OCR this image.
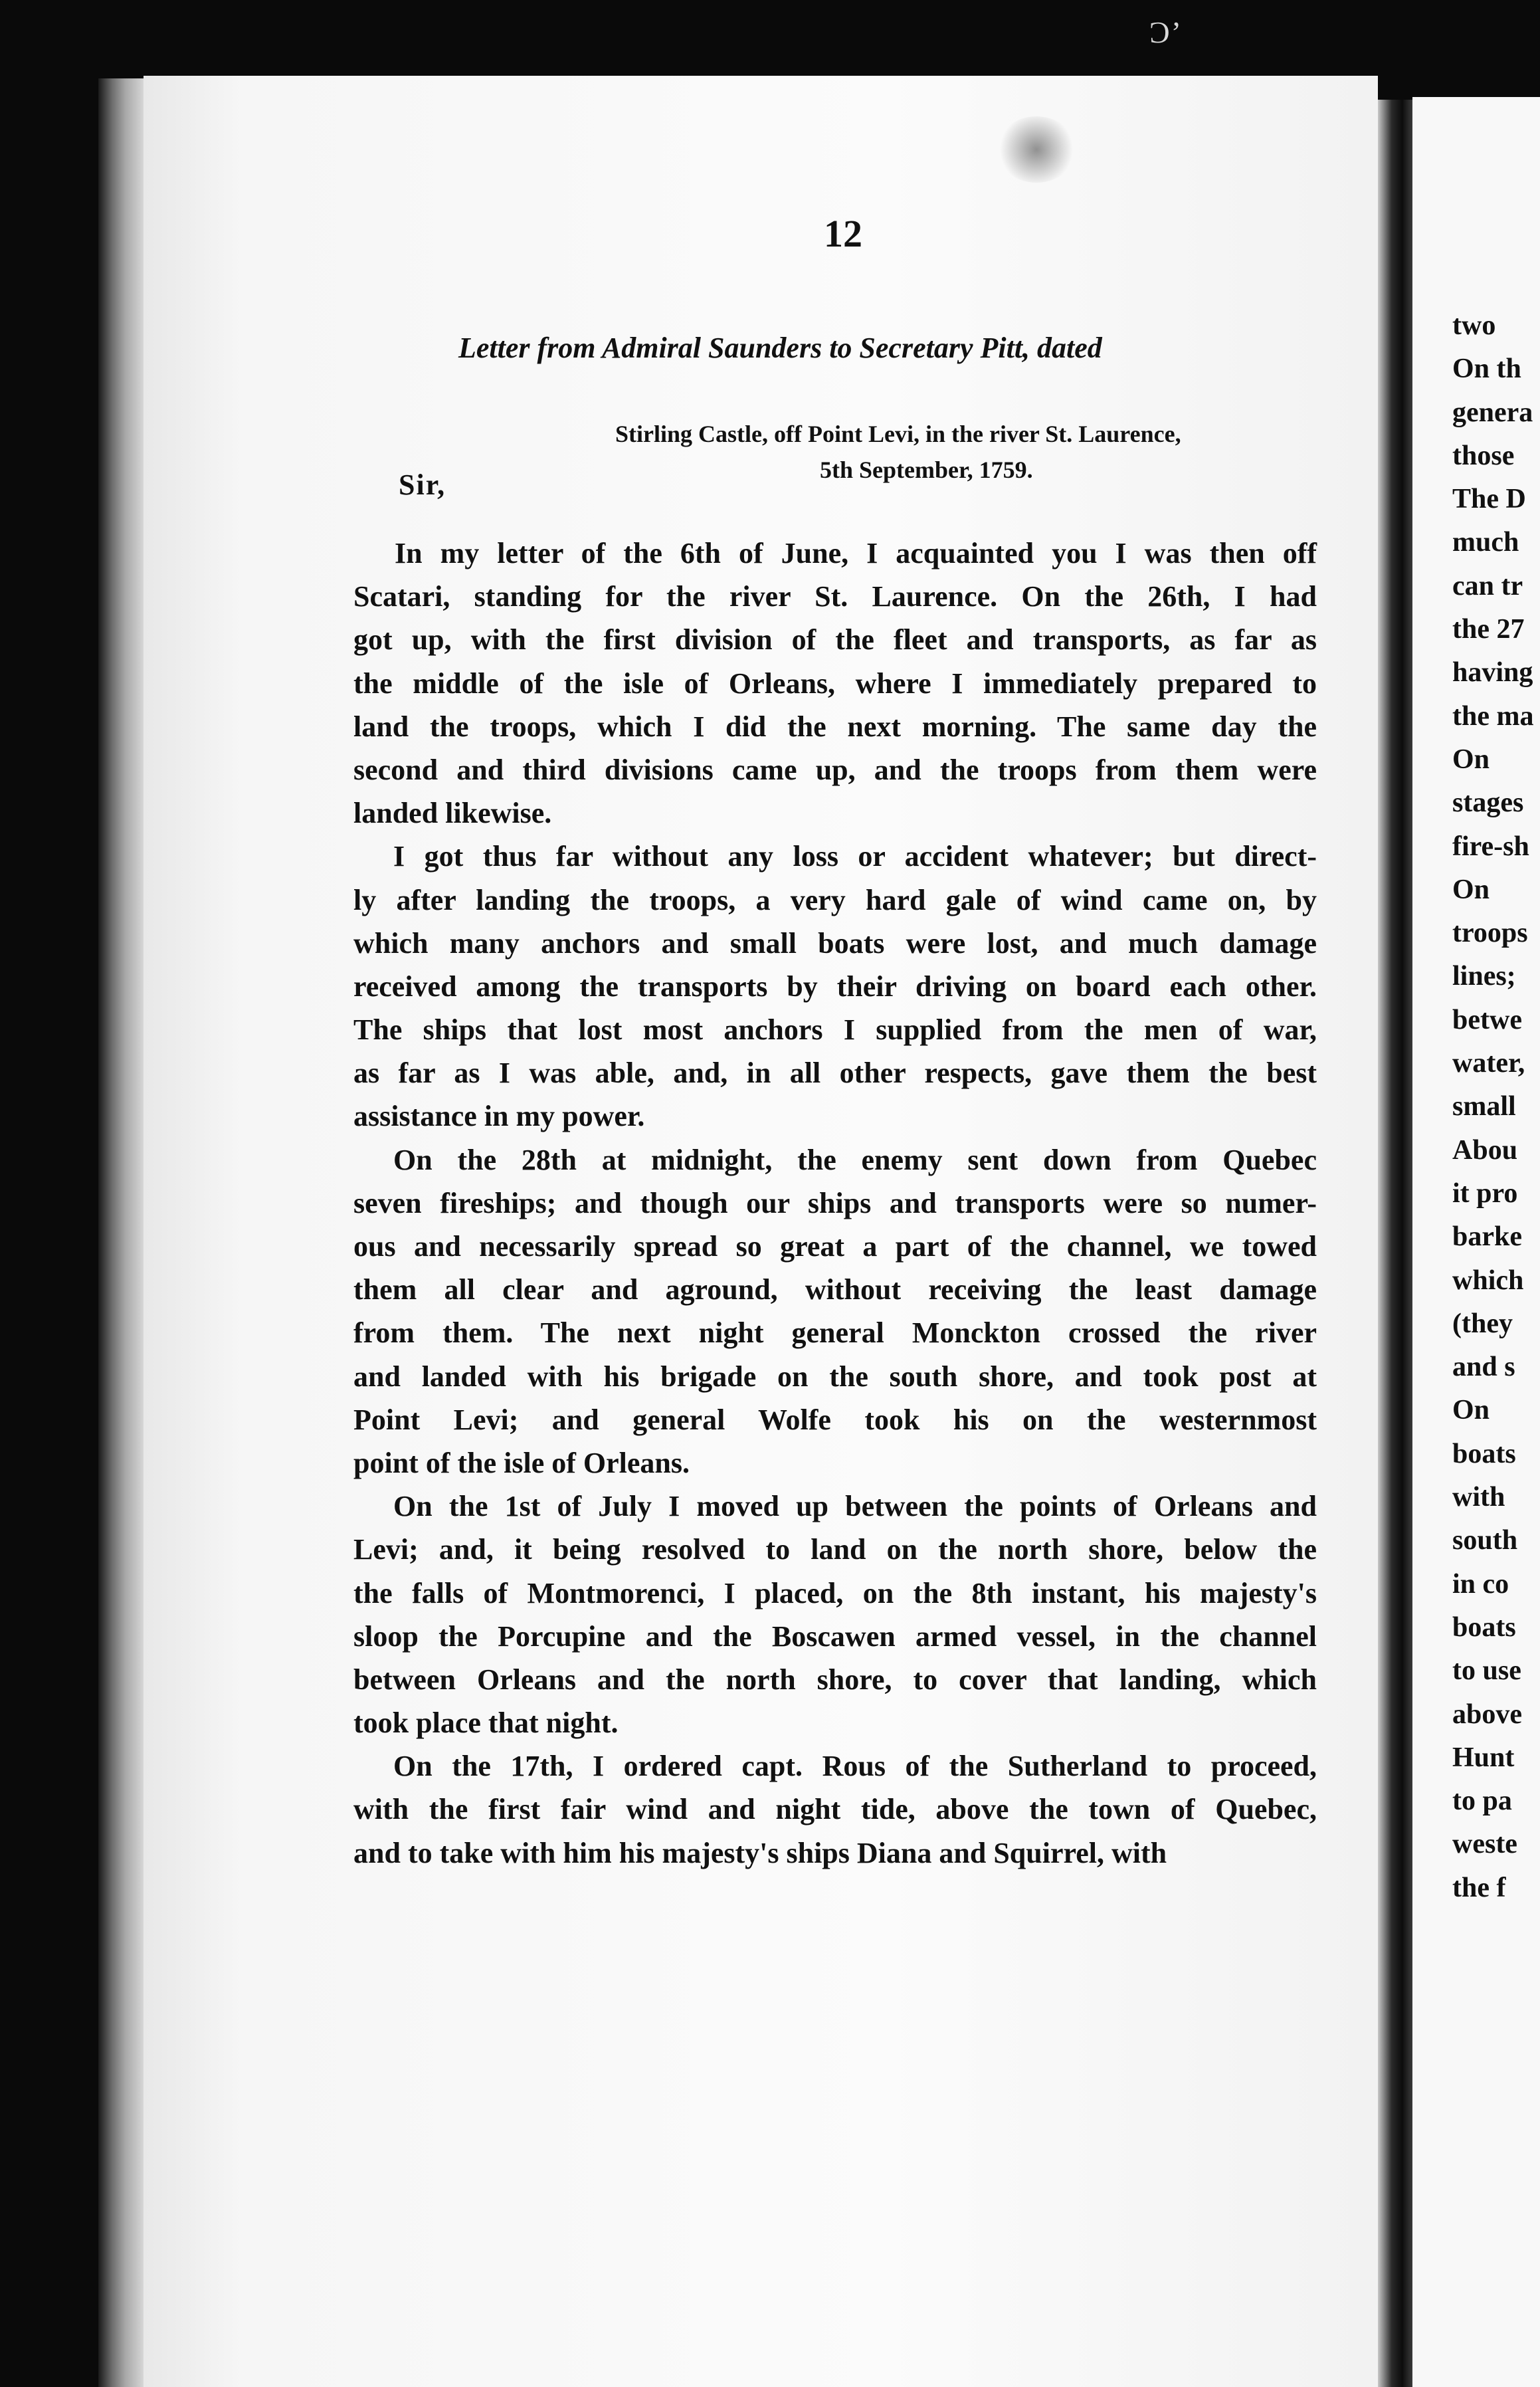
Ɔ’
12
Letter from Admiral Saunders to Secretary Pitt, dated
Stirling Castle, off Point Levi, in the river St. Laurence,
5th September, 1759.
Sir,
In my letter of the 6th of June, I acquainted you I was then off
Scatari, standing for the river St. Laurence. On the 26th, I had
got up, with the first division of the fleet and transports, as far as
the middle of the isle of Orleans, where I immediately prepared to
land the troops, which I did the next morning. The same day the
second and third divisions came up, and the troops from them were
landed likewise.
I got thus far without any loss or accident whatever; but direct-
ly after landing the troops, a very hard gale of wind came on, by
which many anchors and small boats were lost, and much damage
received among the transports by their driving on board each other.
The ships that lost most anchors I supplied from the men of war,
as far as I was able, and, in all other respects, gave them the best
assistance in my power.
On the 28th at midnight, the enemy sent down from Quebec
seven fireships; and though our ships and transports were so numer-
ous and necessarily spread so great a part of the channel, we towed
them all clear and aground, without receiving the least damage
from them. The next night general Monckton crossed the river
and landed with his brigade on the south shore, and took post at
Point Levi; and general Wolfe took his on the westernmost
point of the isle of Orleans.
On the 1st of July I moved up between the points of Orleans and
Levi; and, it being resolved to land on the north shore, below the
the falls of Montmorenci, I placed, on the 8th instant, his majesty's
sloop the Porcupine and the Boscawen armed vessel, in the channel
between Orleans and the north shore, to cover that landing, which
took place that night.
On the 17th, I ordered capt. Rous of the Sutherland to proceed,
with the first fair wind and night tide, above the town of Quebec,
and to take with him his majesty's ships Diana and Squirrel, with
two
On th
genera
those
The D
much
can tr
the 27
having
the ma
On
stages
fire-sh
On
troops
lines;
betwe
water,
small
Abou
it pro
barke
which
(they
and s
On
boats
with
south
in co
boats
to use
above
Hunt
to pa
weste
the f
